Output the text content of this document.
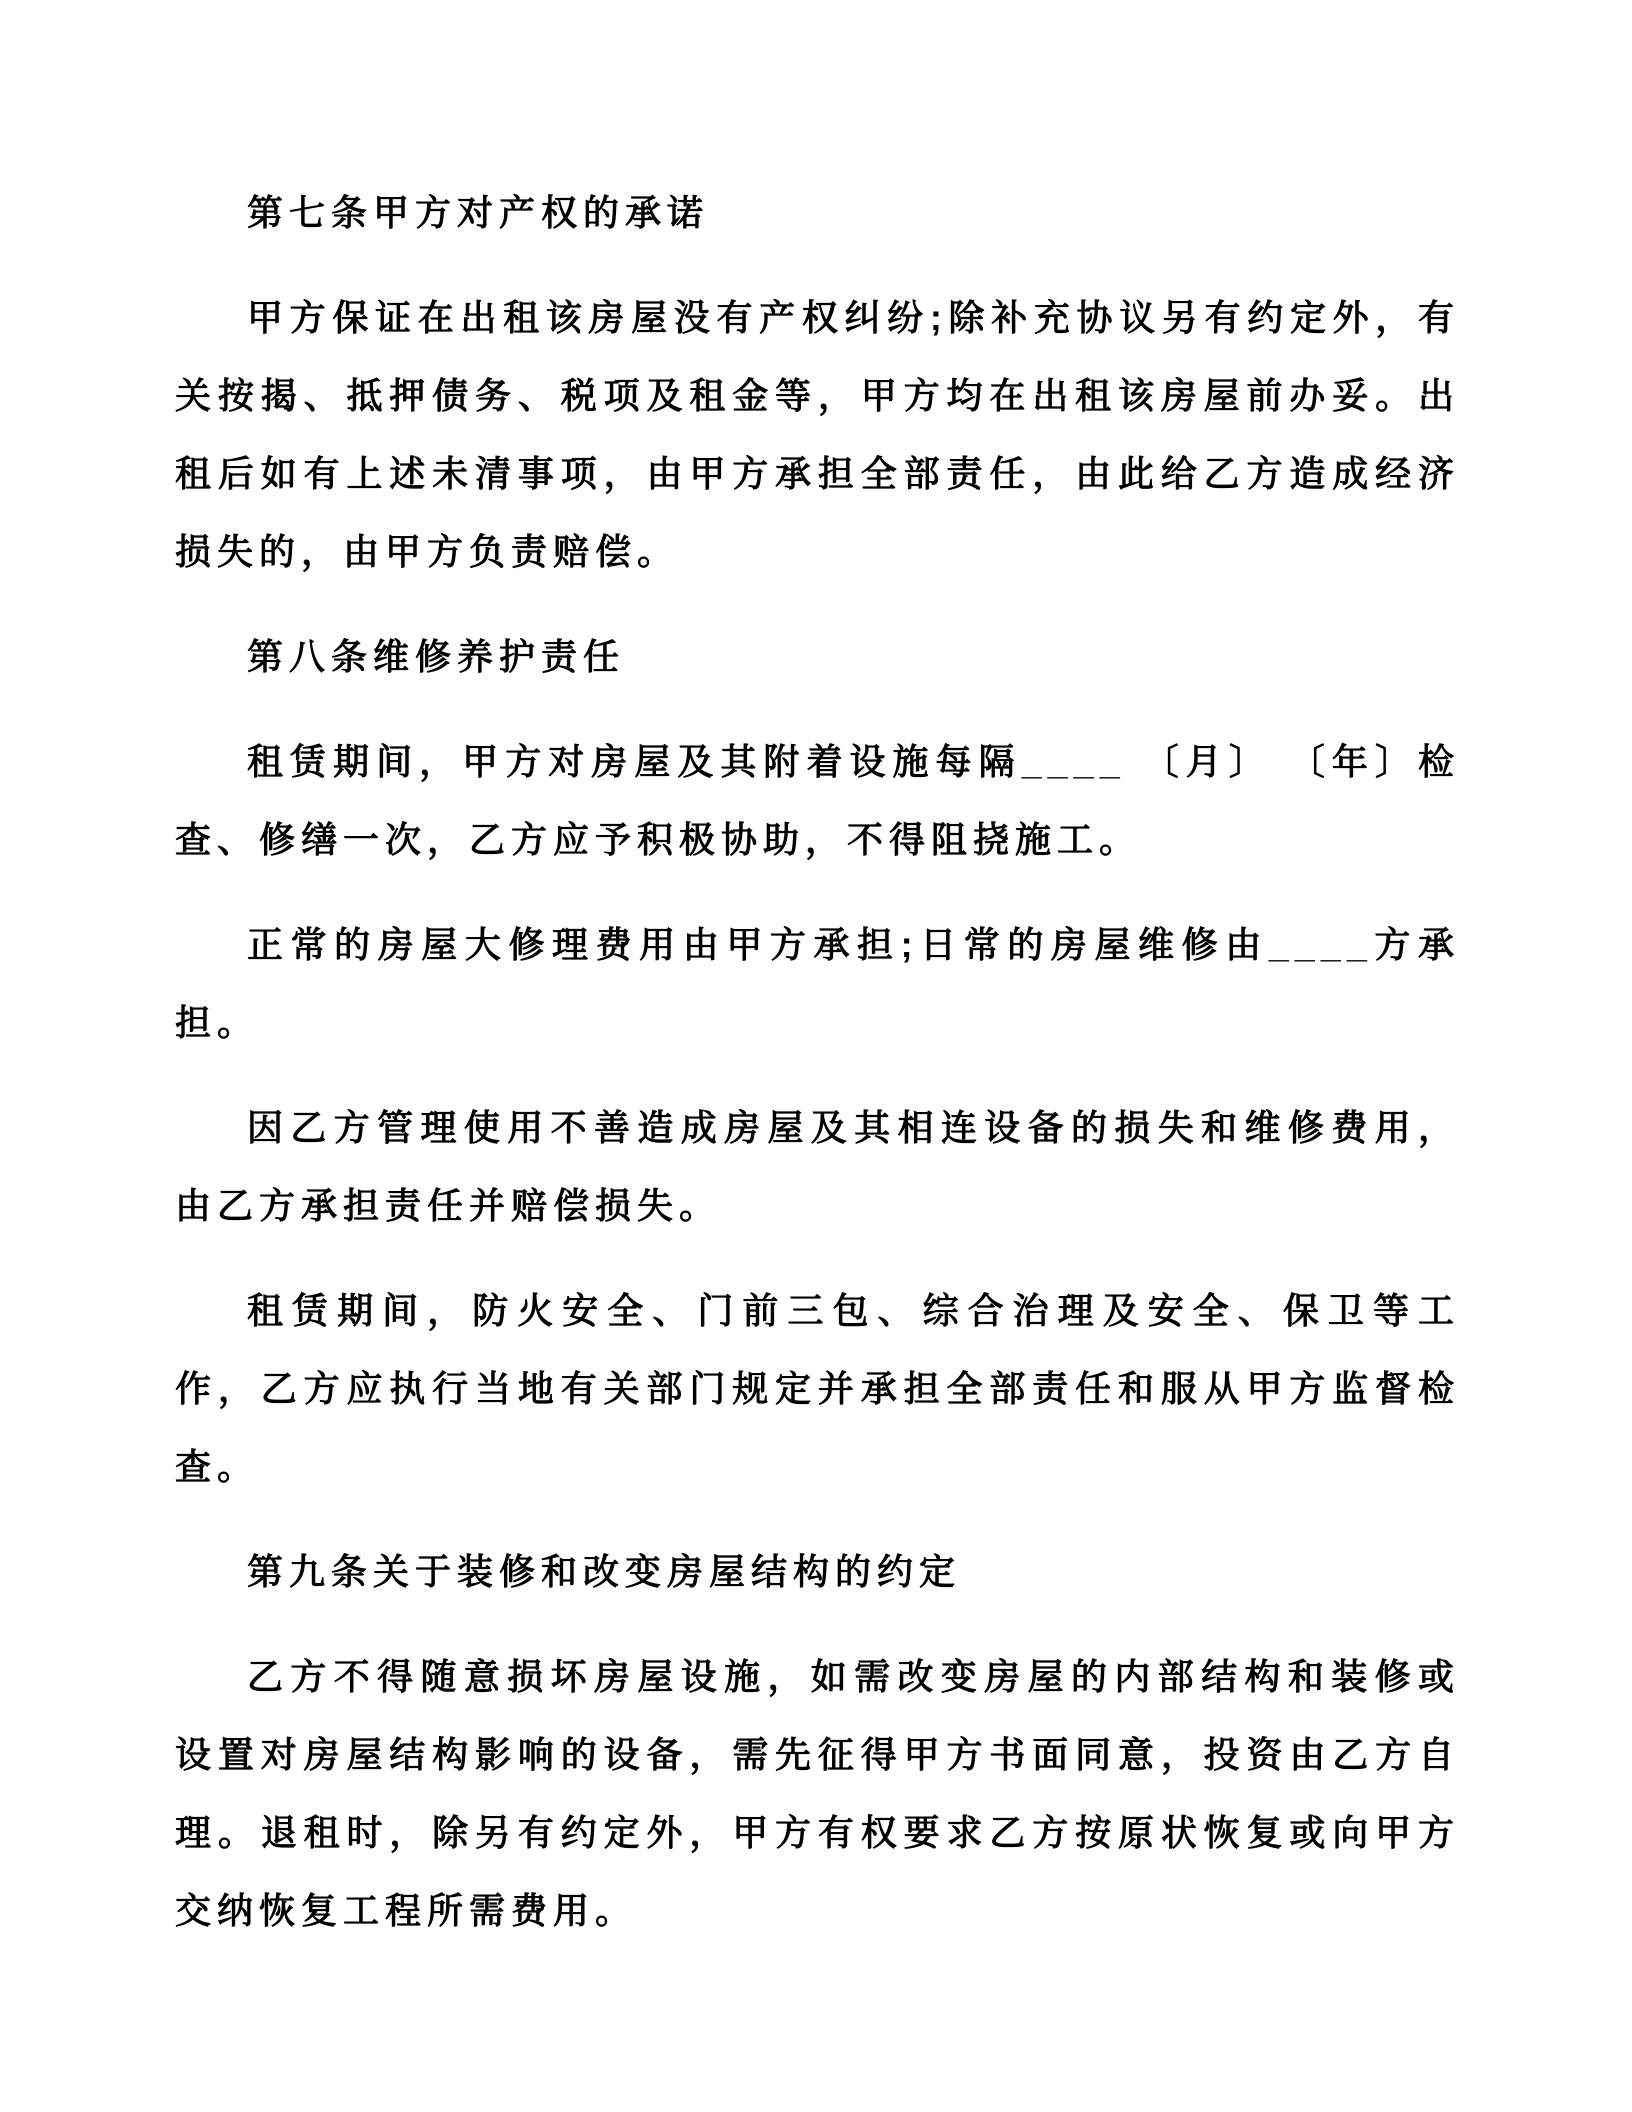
第七条甲方对产权的承诺

甲方保证在出租该房屋没有产权纠纷;除补充协议另有约定外，有关按揭、抵押债务、税项及租金等，甲方均在出租该房屋前办妥。出租后如有上述未清事项，由甲方承担全部责任，由此给乙方造成经济损失的，由甲方负责赔偿。

第八条维修养护责任

租赁期间，甲方对房屋及其附着设施每隔____ 〔月〕 〔年〕检查、修缮一次，乙方应予积极协助，不得阻挠施工。

正常的房屋大修理费用由甲方承担;日常的房屋维修由____方承担。

因乙方管理使用不善造成房屋及其相连设备的损失和维修费用，由乙方承担责任并赔偿损失。

租赁期间，防火安全、门前三包、综合治理及安全、保卫等工作，乙方应执行当地有关部门规定并承担全部责任和服从甲方监督检查。

第九条关于装修和改变房屋结构的约定

乙方不得随意损坏房屋设施，如需改变房屋的内部结构和装修或设置对房屋结构影响的设备，需先征得甲方书面同意，投资由乙方自理。退租时，除另有约定外，甲方有权要求乙方按原状恢复或向甲方交纳恢复工程所需费用。
